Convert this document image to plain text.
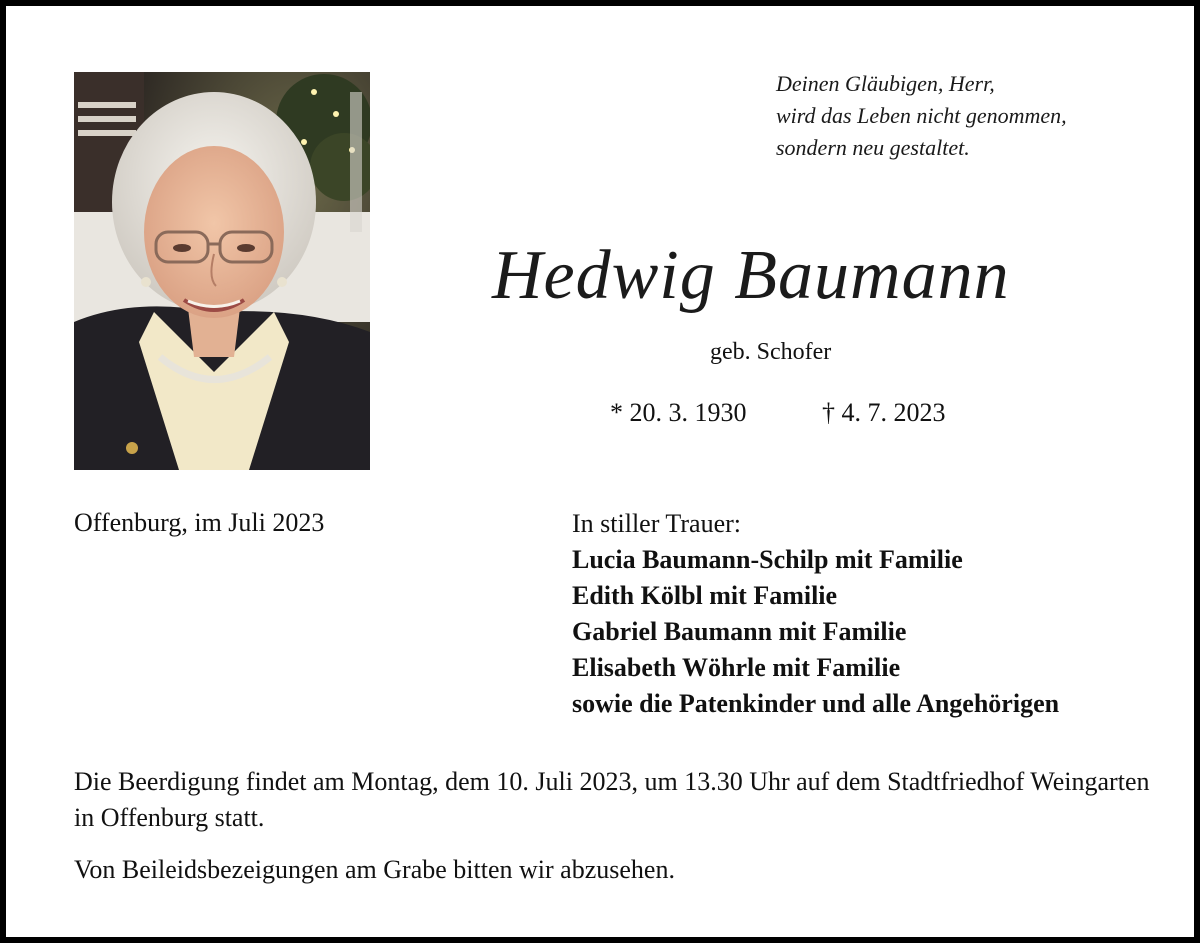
Deinen Gläubigen, Herr,
wird das Leben nicht genommen,
sondern neu gestaltet.
Hedwig Baumann
geb. Schofer
* 20. 3. 1930	† 4. 7. 2023
Offenburg, im Juli 2023	In stiller Trauer:
Lucia Baumann-Schilp mit Familie
Edith Kölbl mit Familie
Gabriel Baumann mit Familie
Elisabeth Wöhrle mit Familie
sowie die Patenkinder und alle Angehörigen
Die Beerdigung findet am Montag, dem 10. Juli 2023, um 13.30 Uhr auf dem Stadtfriedhof Weingarten in Offenburg statt.
Von Beileidsbezeigungen am Grabe bitten wir abzusehen.
